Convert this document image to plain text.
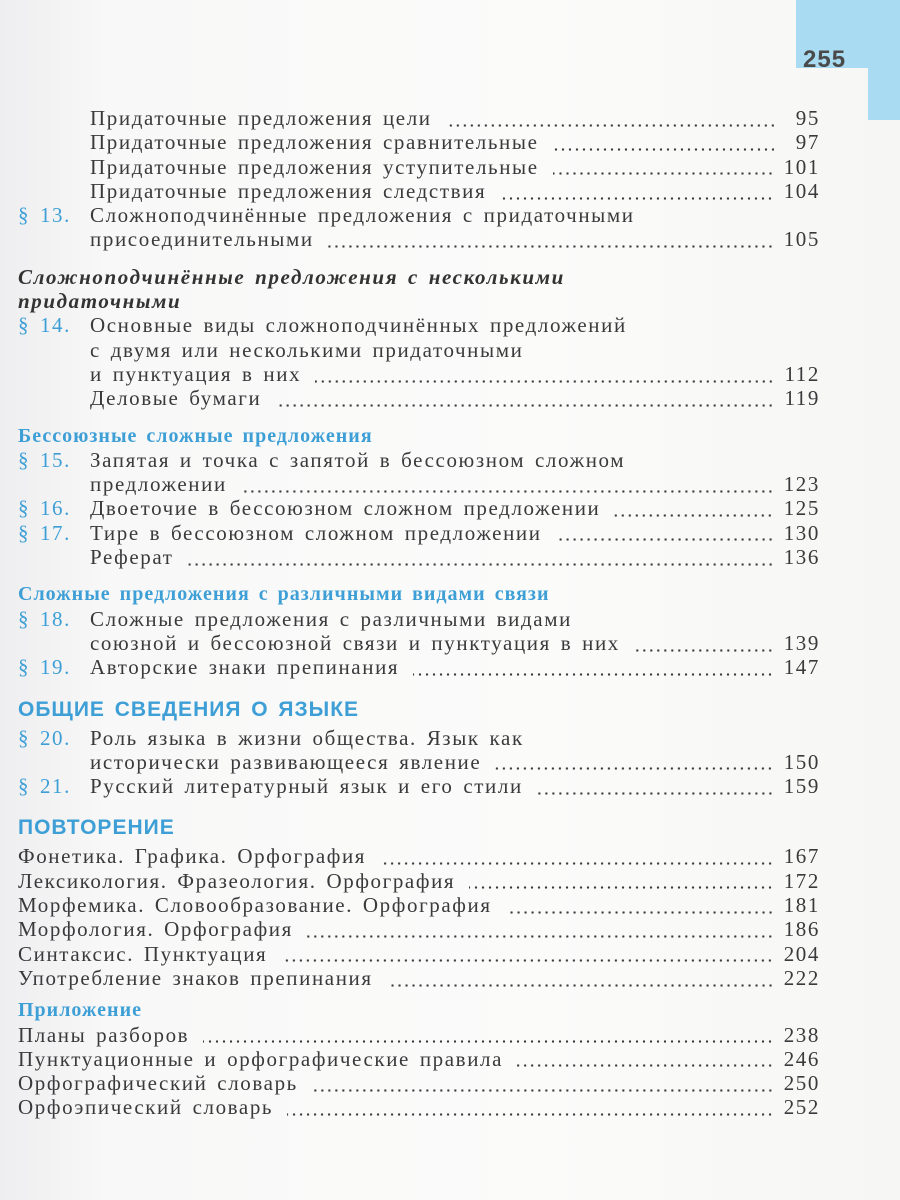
255
Придаточные предложения цели	95
Придаточные предложения сравнительные	97
Придаточные предложения уступительные	101
Придаточные предложения следствия	104
§ 13. Сложноподчинённые предложения с придаточными
присоединительными	105
Сложноподчинённые предложения с несколькими
придаточными
§ 14. Основные виды сложноподчинённых предложений
с двумя или несколькими придаточными
и пунктуация в них	112
Деловые бумаги	119
Бессоюзные сложные предложения
§ 15. Запятая и точка с запятой в бессоюзном сложном
предложении	123
§ 16. Двоеточие в бессоюзном сложном предложении	125
§ 17. Тире в бессоюзном сложном предложении	130
Реферат	136
Сложные предложения с различными видами связи
§ 18. Сложные предложения с различными видами
союзной и бессоюзной связи и пунктуация в них	139
§ 19. Авторские знаки препинания	147
ОБЩИЕ СВЕДЕНИЯ О ЯЗЫКЕ
§ 20. Роль языка в жизни общества. Язык как
исторически развивающееся явление	150
§ 21. Русский литературный язык и его стили	159
ПОВТОРЕНИЕ
Фонетика. Графика. Орфография	167
Лексикология. Фразеология. Орфография	172
Морфемика. Словообразование. Орфография	181
Морфология. Орфография	186
Синтаксис. Пунктуация	204
Употребление знаков препинания	222
Приложение
Планы разборов	238
Пунктуационные и орфографические правила	246
Орфографический словарь	250
Орфоэпический словарь	252
